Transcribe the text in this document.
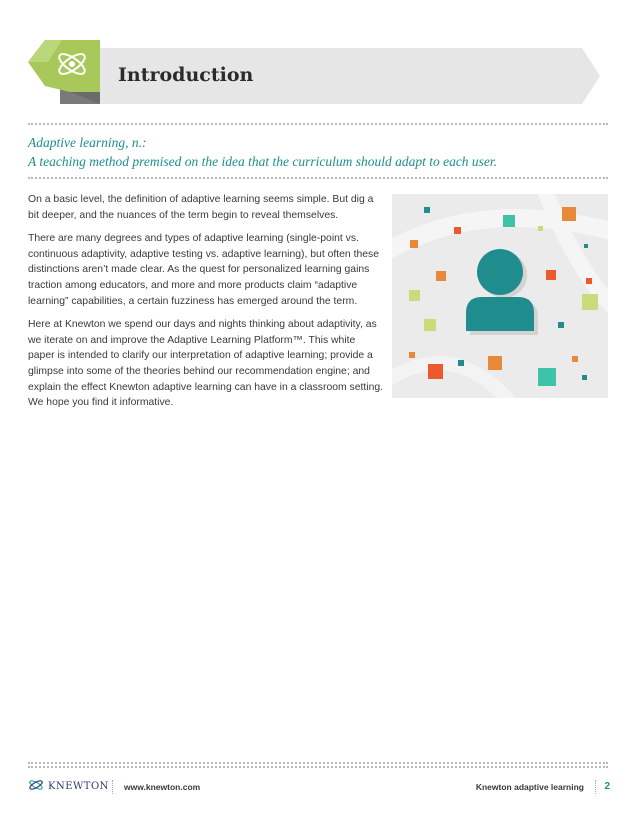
Introduction
Adaptive learning, n.:
A teaching method premised on the idea that the curriculum should adapt to each user.

On a basic level, the definition of adaptive learning seems simple. But dig a bit deeper, and the nuances of the term begin to reveal themselves.

There are many degrees and types of adaptive learning (single-point vs. continuous adaptivity, adaptive testing vs. adaptive learning), but often these distinctions aren’t made clear. As the quest for personalized learning gains traction among educators, and more and more products claim “adaptive learning” capabilities, a certain fuzziness has emerged around the term.

Here at Knewton we spend our days and nights thinking about adaptivity, as we iterate on and improve the Adaptive Learning Platform™. This white paper is intended to clarify our interpretation of adaptive learning; provide a glimpse into some of the theories behind our recommendation engine; and explain the effect Knewton adaptive learning can have in a classroom setting. We hope you find it informative.

KNEWTON www.knewton.com	Knewton adaptive learning 2
